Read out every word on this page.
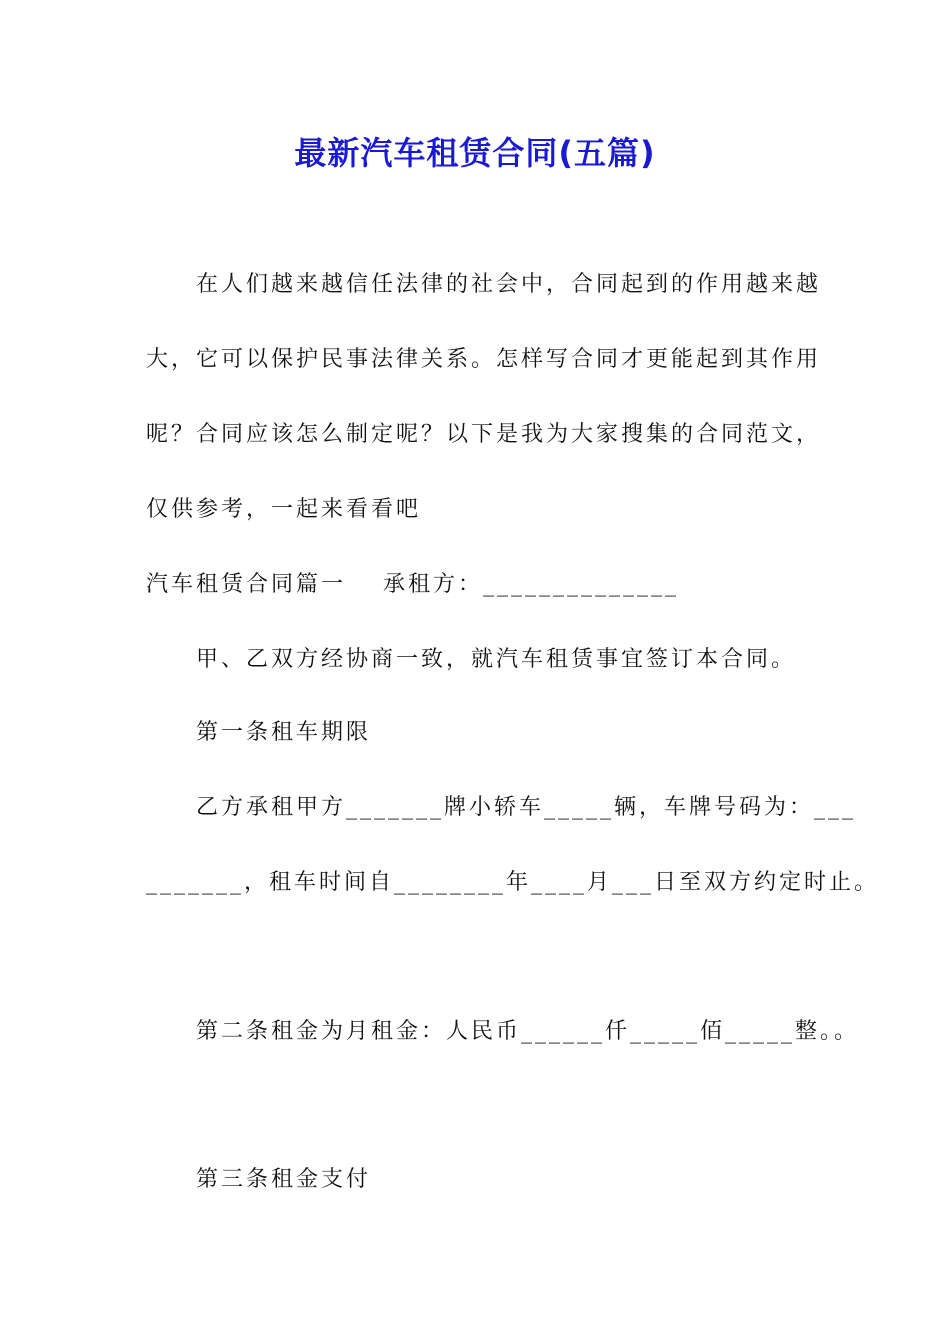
最新汽车租赁合同(五篇)
在人们越来越信任法律的社会中，合同起到的作用越来越
大，它可以保护民事法律关系。怎样写合同才更能起到其作用
呢？合同应该怎么制定呢？以下是我为大家搜集的合同范文，
仅供参考，一起来看看吧
汽车租赁合同篇一 承租方：______________
甲、乙双方经协商一致，就汽车租赁事宜签订本合同。
第一条租车期限
乙方承租甲方_______牌小轿车_____辆，车牌号码为：___
_______，租车时间自________年____月___日至双方约定时止。
第二条租金为月租金：人民币______仟_____佰_____整。。
第三条租金支付
